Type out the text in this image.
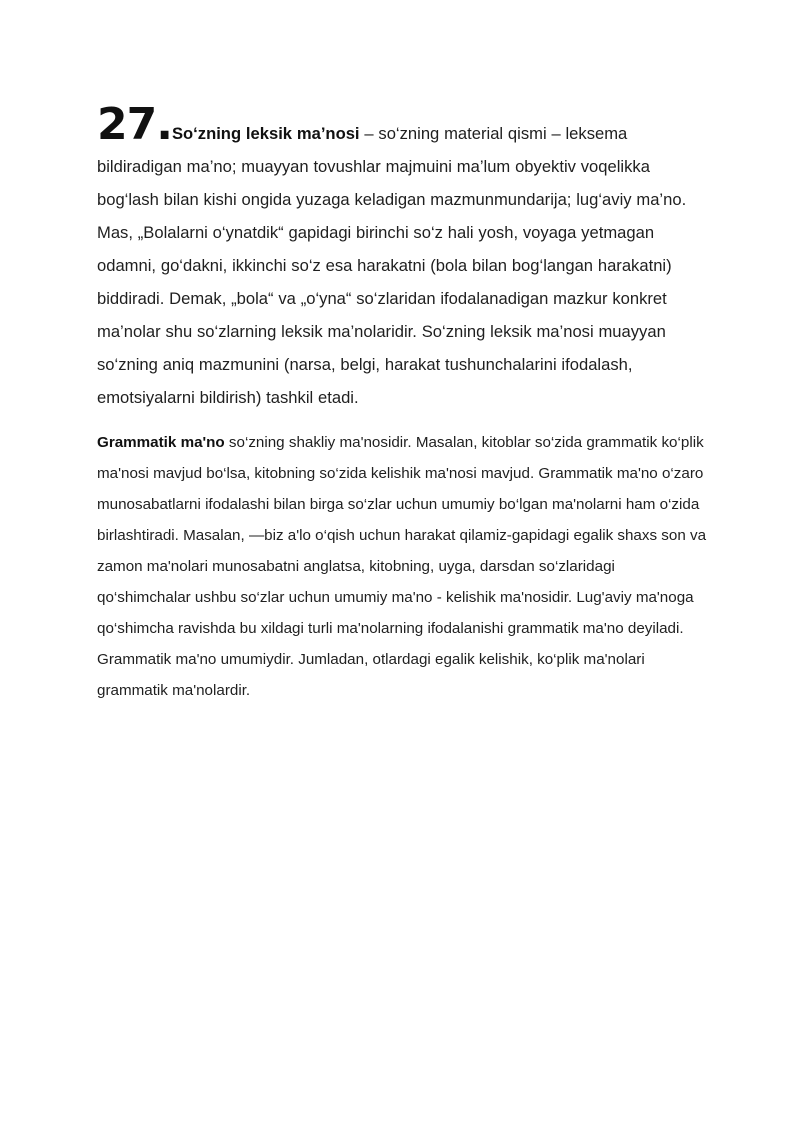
27.So‘zning leksik ma’nosi – so‘zning material qismi – leksema bildiradigan ma’no; muayyan tovushlar majmuini ma’lum obyektiv voqelikka bog‘lash bilan kishi ongida yuzaga keladigan mazmunmundarija; lug‘aviy ma’no. Mas, „Bolalarni o‘ynatdik“ gapidagi birinchi so‘z hali yosh, voyaga yetmagan odamni, go‘dakni, ikkinchi so‘z esa harakatni (bola bilan bog‘langan harakatni) biddiradi. Demak, „bola“ va „o‘yna“ so‘zlaridan ifodalanadigan mazkur konkret ma’nolar shu so‘zlarning leksik ma’nolaridir. So‘zning leksik ma’nosi muayyan so‘zning aniq mazmunini (narsa, belgi, harakat tushunchalarini ifodalash, emotsiyalarni bildirish) tashkil etadi.

Grammatik ma'no so‘zning shakliy ma'nosidir. Masalan, kitoblar so‘zida grammatik ko‘plik ma'nosi mavjud bo‘lsa, kitobning so‘zida kelishik ma'nosi mavjud. Grammatik ma'no o‘zaro munosabatlarni ifodalashi bilan birga so‘zlar uchun umumiy bo‘lgan ma'nolarni ham o‘zida birlashtiradi. Masalan, ―biz a'lo o‘qish uchun harakat qilamiz-gapidagi egalik shaxs son va zamon ma'nolari munosabatni anglatsa, kitobning, uyga, darsdan so‘zlaridagi qo‘shimchalar ushbu so‘zlar uchun umumiy ma'no - kelishik ma'nosidir. Lug'aviy ma'noga qo‘shimcha ravishda bu xildagi turli ma'nolarning ifodalanishi grammatik ma'no deyiladi. Grammatik ma'no umumiydir. Jumladan, otlardagi egalik kelishik, ko‘plik ma'nolari grammatik ma'nolardir.
